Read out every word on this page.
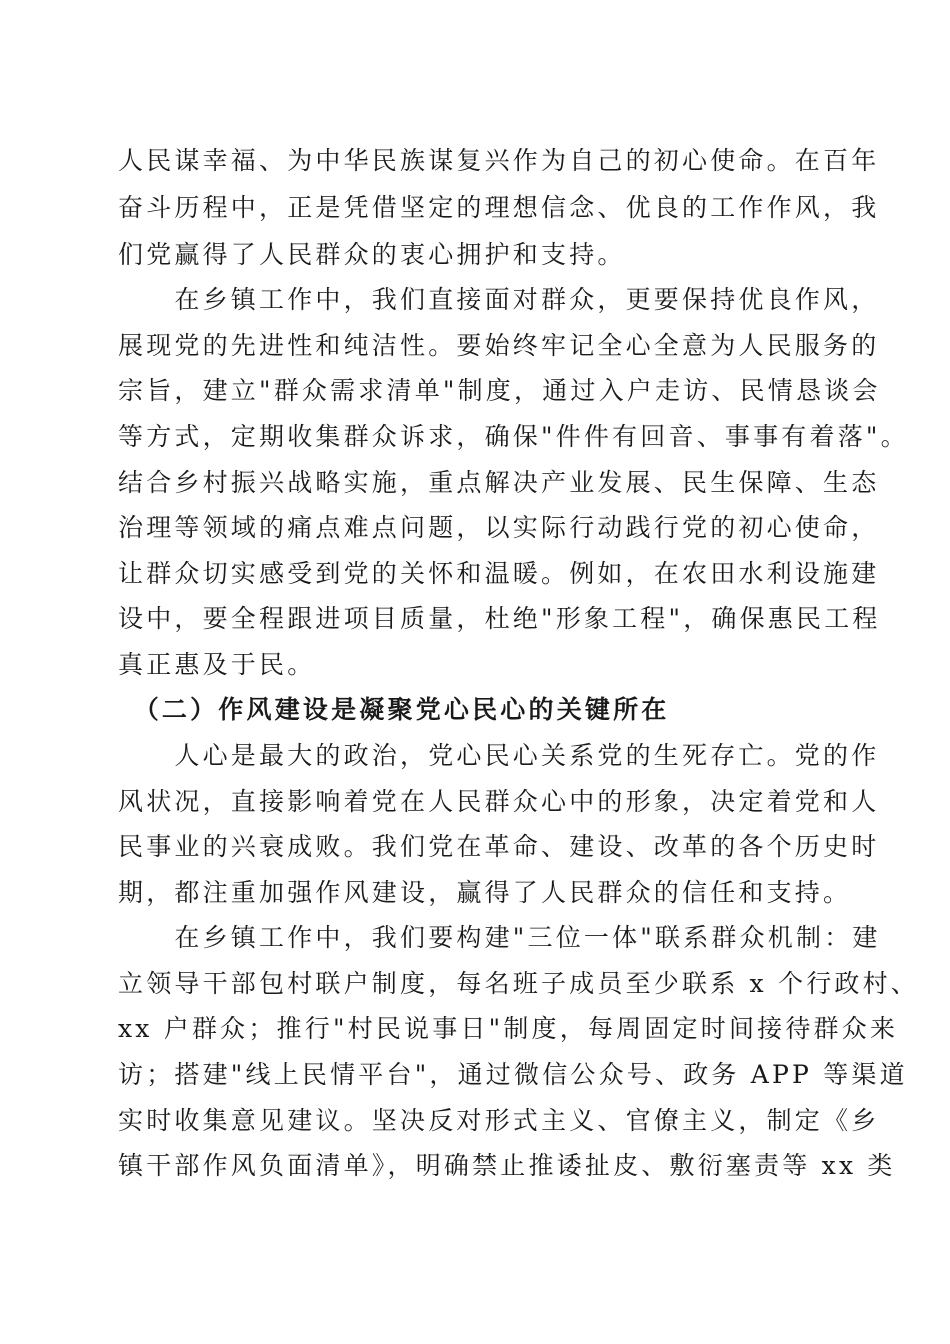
人民谋幸福、为中华民族谋复兴作为自己的初心使命。在百年
奋斗历程中，正是凭借坚定的理想信念、优良的工作作风，我
们党赢得了人民群众的衷心拥护和支持。
　　在乡镇工作中，我们直接面对群众，更要保持优良作风，
展现党的先进性和纯洁性。要始终牢记全心全意为人民服务的
宗旨，建立"群众需求清单"制度，通过入户走访、民情恳谈会
等方式，定期收集群众诉求，确保"件件有回音、事事有着落"。
结合乡村振兴战略实施，重点解决产业发展、民生保障、生态
治理等领域的痛点难点问题，以实际行动践行党的初心使命，
让群众切实感受到党的关怀和温暖。例如，在农田水利设施建
设中，要全程跟进项目质量，杜绝"形象工程"，确保惠民工程
真正惠及于民。
　（二）作风建设是凝聚党心民心的关键所在
　　人心是最大的政治，党心民心关系党的生死存亡。党的作
风状况，直接影响着党在人民群众心中的形象，决定着党和人
民事业的兴衰成败。我们党在革命、建设、改革的各个历史时
期，都注重加强作风建设，赢得了人民群众的信任和支持。
　　在乡镇工作中，我们要构建"三位一体"联系群众机制：建
立领导干部包村联户制度，每名班子成员至少联系 x 个行政村、
xx 户群众；推行"村民说事日"制度，每周固定时间接待群众来
访；搭建"线上民情平台"，通过微信公众号、政务 APP 等渠道
实时收集意见建议。坚决反对形式主义、官僚主义，制定《乡
镇干部作风负面清单》，明确禁止推诿扯皮、敷衍塞责等 xx 类
